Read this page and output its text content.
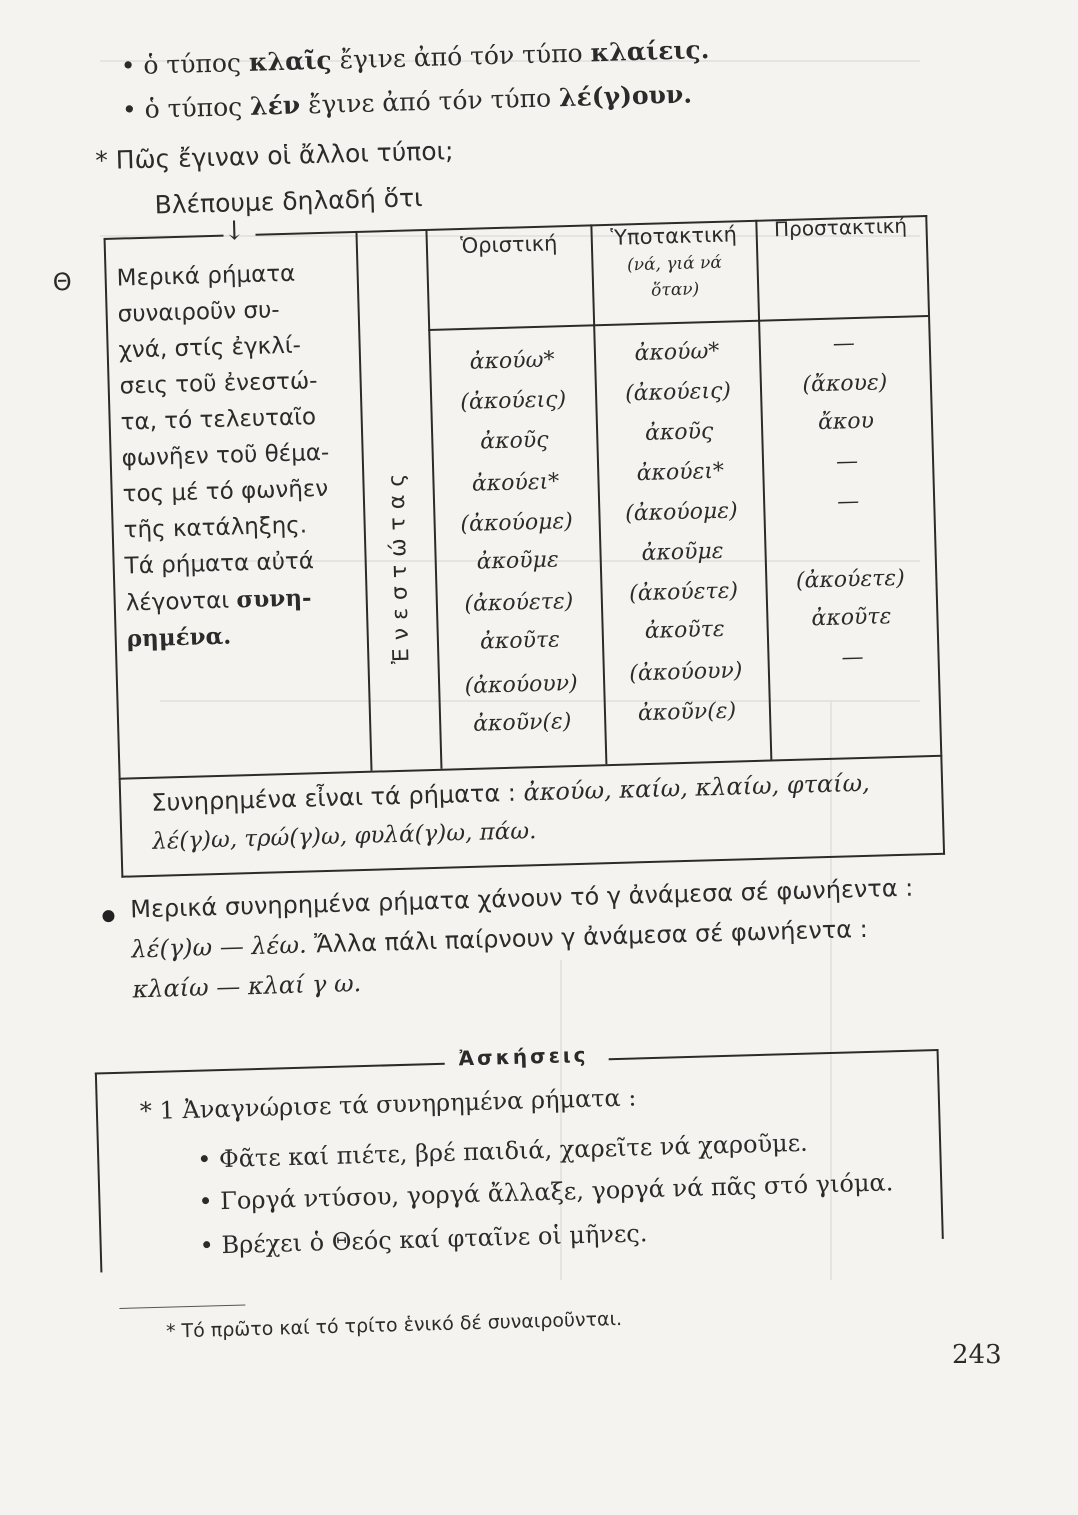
• ὁ τύπος κλαῖς ἔγινε ἀπό τόν τύπο κλαίεις.
• ὁ τύπος λέν ἔγινε ἀπό τόν τύπο λέ(γ)ουν.
* Πῶς ἔγιναν οἱ ἄλλοι τύποι;
Βλέπουμε δηλαδή ὅτι
Θ
↓
Μερικά ρήματα
συναιροῦν συ-
χνά, στίς ἐγκλί-
σεις τοῦ ἐνεστώ-
τα, τό τελευταῖο
φωνῆεν τοῦ θέμα-
τος μέ τό φωνῆεν
τῆς κατάληξης.
Τά ρήματα αὐτά
λέγονται συνη-
ρημένα.	Ἐνεστώτας
Ὁριστική	Ὑποτακτική
(νά, γιά νά
ὅταν)
Προστακτική
ἀκούω*
(ἀκούεις)
ἀκοῦς
ἀκούει*
(ἀκούομε)
ἀκοῦμε
(ἀκούετε)
ἀκοῦτε
(ἀκούουν)
ἀκοῦν(ε)
ἀκούω*
(ἀκούεις)
ἀκοῦς
ἀκούει*
(ἀκούομε)
ἀκοῦμε
(ἀκούετε)
ἀκοῦτε
(ἀκούουν)
ἀκοῦν(ε)
—
(ἄκουε)
ἄκου
—
—
(ἀκούετε)
ἀκοῦτε
—
Συνηρημένα εἶναι τά ρήματα : ἀκούω, καίω, κλαίω, φταίω,
λέ(γ)ω, τρώ(γ)ω, φυλά(γ)ω, πάω.
Μερικά συνηρημένα ρήματα χάνουν τό γ ἀνάμεσα σέ φωνήεντα :
λέ(γ)ω — λέω. Ἄλλα πάλι παίρνουν γ ἀνάμεσα σέ φωνήεντα :
κλαίω — κλαί γ ω.
Ἀσκήσεις
* 1 Ἀναγνώρισε τά συνηρημένα ρήματα :
• Φᾶτε καί πιέτε, βρέ παιδιά, χαρεῖτε νά χαροῦμε.
• Γοργά ντύσου, γοργά ἄλλαξε, γοργά νά πᾶς στό γιόμα.
• Βρέχει ὁ Θεός καί φταῖνε οἱ μῆνες.
* Τό πρῶτο καί τό τρίτο ἑνικό δέ συναιροῦνται.
243
